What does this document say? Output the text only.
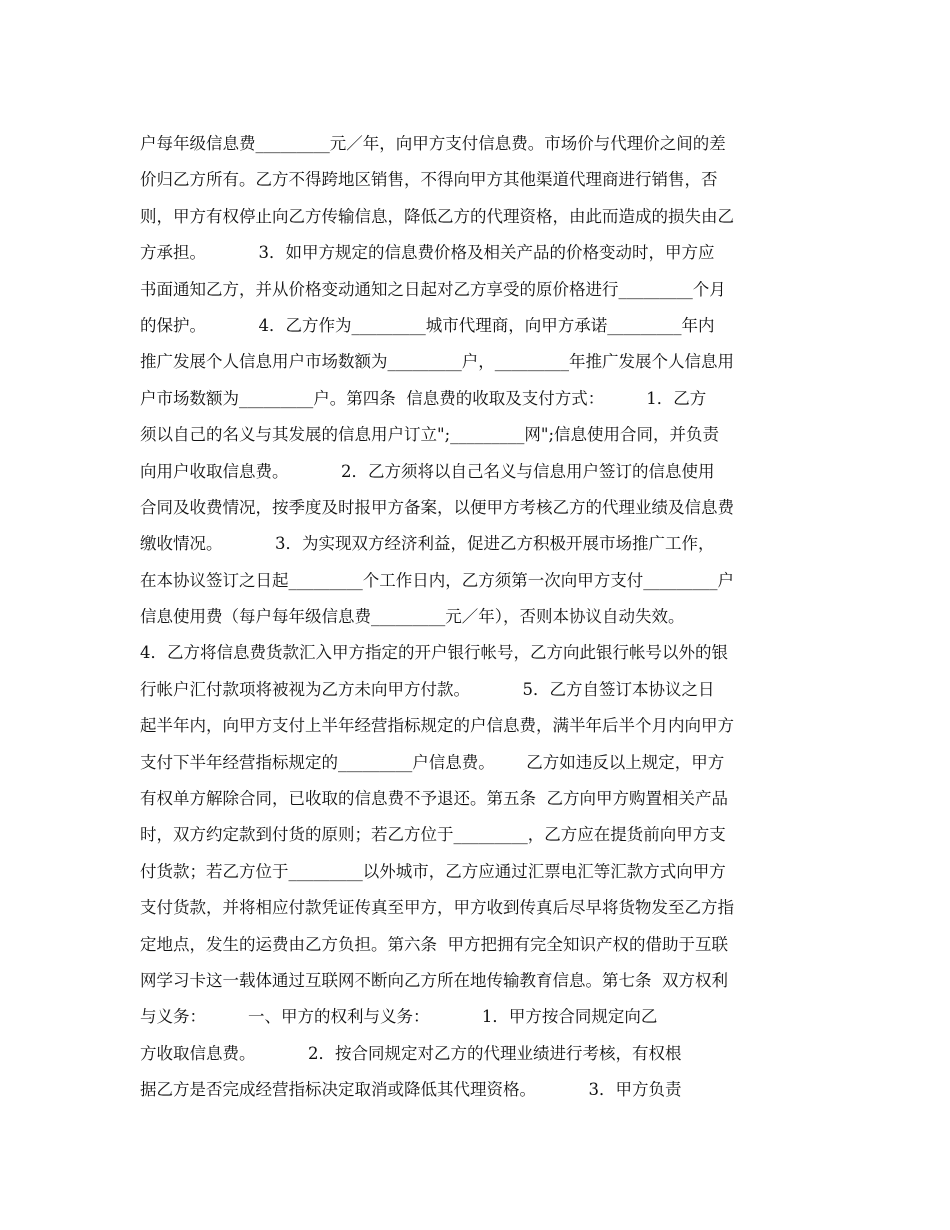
户每年级信息费_________元／年，向甲方支付信息费。市场价与代理价之间的差
价归乙方所有。乙方不得跨地区销售，不得向甲方其他渠道代理商进行销售，否
则，甲方有权停止向乙方传输信息，降低乙方的代理资格，由此而造成的损失由乙
方承担。          3．如甲方规定的信息费价格及相关产品的价格变动时，甲方应
书面通知乙方，并从价格变动通知之日起对乙方享受的原价格进行_________个月
的保护。          4．乙方作为_________城市代理商，向甲方承诺_________年内
推广发展个人信息用户市场数额为_________户，_________年推广发展个人信息用
户市场数额为_________户。第四条  信息费的收取及支付方式：        1．乙方
须以自己的名义与其发展的信息用户订立";_________网";信息使用合同，并负责
向用户收取信息费。          2．乙方须将以自己名义与信息用户签订的信息使用
合同及收费情况，按季度及时报甲方备案，以便甲方考核乙方的代理业绩及信息费
缴收情况。          3．为实现双方经济利益，促进乙方积极开展市场推广工作，
在本协议签订之日起_________个工作日内，乙方须第一次向甲方支付_________户
信息使用费（每户每年级信息费_________元／年），否则本协议自动失效。
4．乙方将信息费货款汇入甲方指定的开户银行帐号，乙方向此银行帐号以外的银
行帐户汇付款项将被视为乙方未向甲方付款。          5．乙方自签订本协议之日
起半年内，向甲方支付上半年经营指标规定的户信息费，满半年后半个月内向甲方
支付下半年经营指标规定的_________户信息费。      乙方如违反以上规定，甲方
有权单方解除合同，已收取的信息费不予退还。第五条  乙方向甲方购置相关产品
时，双方约定款到付货的原则；若乙方位于_________，乙方应在提货前向甲方支
付货款；若乙方位于_________以外城市，乙方应通过汇票电汇等汇款方式向甲方
支付货款，并将相应付款凭证传真至甲方，甲方收到传真后尽早将货物发至乙方指
定地点，发生的运费由乙方负担。第六条  甲方把拥有完全知识产权的借助于互联
网学习卡这一载体通过互联网不断向乙方所在地传输教育信息。第七条  双方权利
与义务：        一、甲方的权利与义务：          1．甲方按合同规定向乙
方收取信息费。          2．按合同规定对乙方的代理业绩进行考核，有权根
据乙方是否完成经营指标决定取消或降低其代理资格。          3．甲方负责
